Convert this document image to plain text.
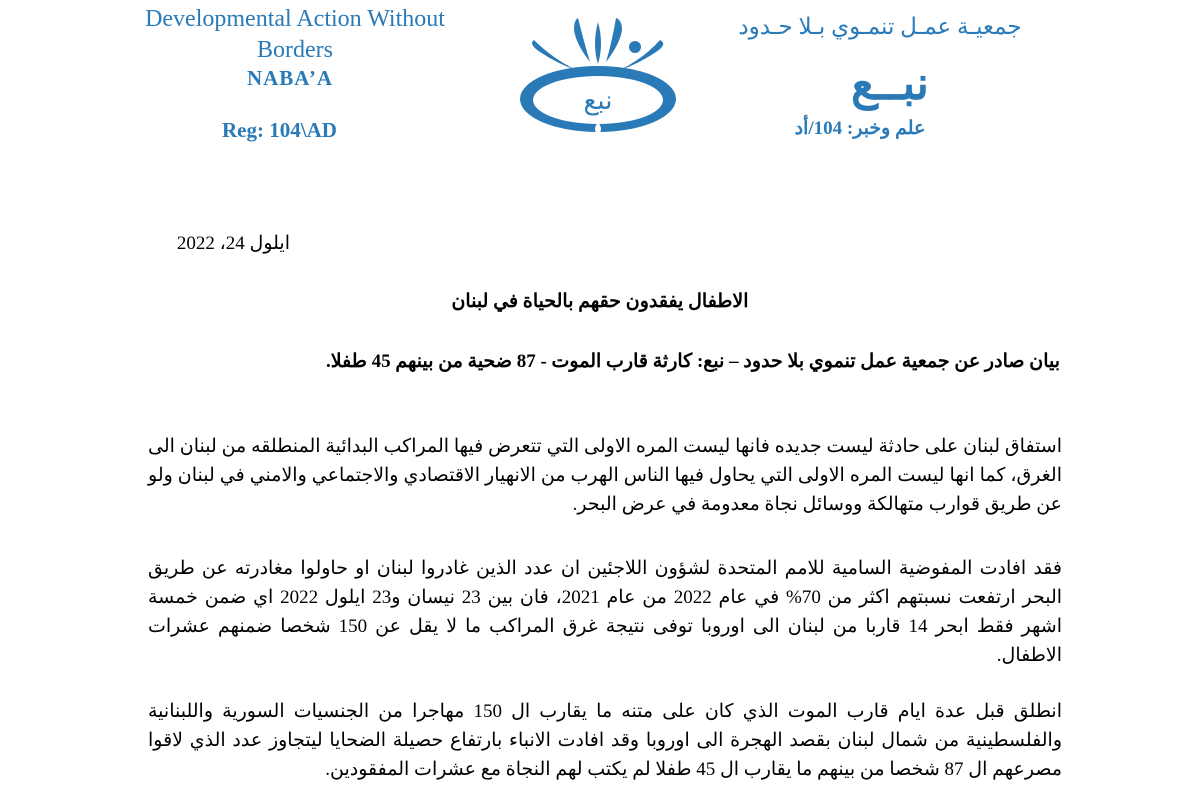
Developmental Action Without Borders
NABA’A
Reg: 104\AD
نبع
جمعيـة عمـل تنمـوي بـلا حـدود
نبــع
علم وخبر: 104/أد
ايلول 24، 2022
الاطفال يفقدون حقهم بالحياة في لبنان
بيان صادر عن جمعية عمل تنموي بلا حدود – نبع: كارثة قارب الموت - 87 ضحية من بينهم 45 طفلا.

استفاق لبنان على حادثة ليست جديده فانها ليست المره الاولى التي تتعرض فيها المراكب البدائية المنطلقه من لبنان الى الغرق، كما انها ليست المره الاولى التي يحاول فيها الناس الهرب من الانهيار الاقتصادي والاجتماعي والامني في لبنان ولو عن طريق قوارب متهالكة ووسائل نجاة معدومة في عرض البحر.

فقد افادت المفوضية السامية للامم المتحدة لشؤون اللاجئين ان عدد الذين غادروا لبنان او حاولوا مغادرته عن طريق البحر ارتفعت نسبتهم اكثر من 70% في عام 2022 من عام 2021، فان بين 23 نيسان و23 ايلول 2022 اي ضمن خمسة اشهر فقط ابحر 14 قاربا من لبنان الى اوروبا توفى نتيجة غرق المراكب ما لا يقل عن 150 شخصا ضمنهم عشرات الاطفال.

انطلق قبل عدة ايام قارب الموت الذي كان على متنه ما يقارب ال 150 مهاجرا من الجنسيات السورية واللبنانية والفلسطينية من شمال لبنان بقصد الهجرة الى اوروبا وقد افادت الانباء بارتفاع حصيلة الضحايا ليتجاوز عدد الذي لاقوا مصرعهم ال 87 شخصا من بينهم ما يقارب ال 45 طفلا لم يكتب لهم النجاة مع عشرات المفقودين.
